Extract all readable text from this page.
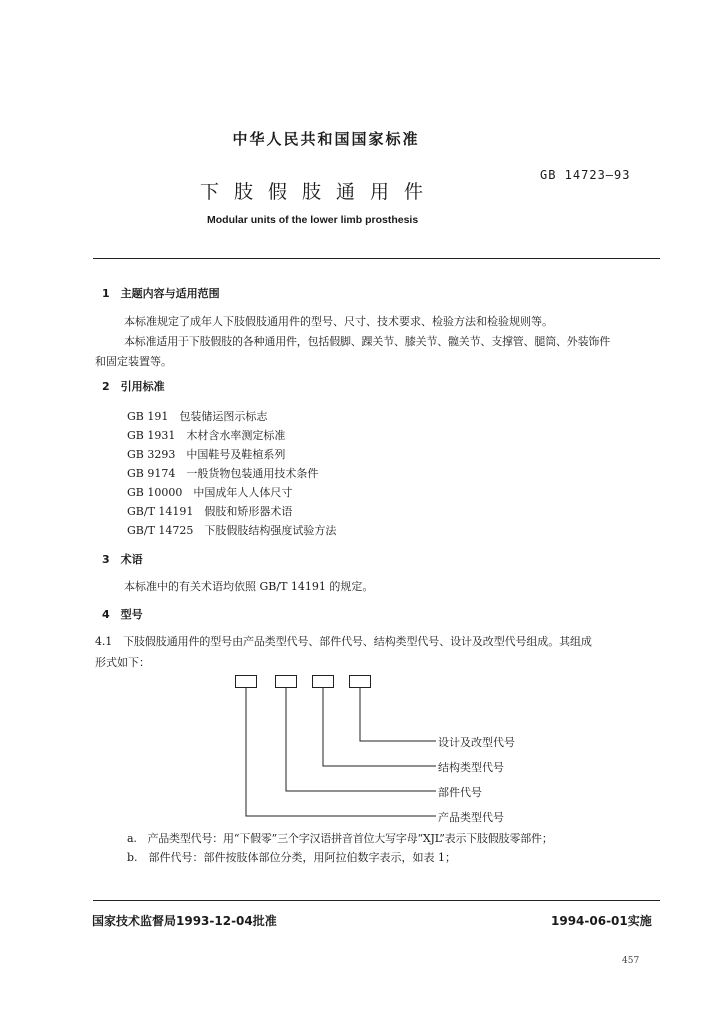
中华人民共和国国家标准
GB 14723—93
下肢假肢通用件
Modular units of the lower limb prosthesis
1　主题内容与适用范围
本标准规定了成年人下肢假肢通用件的型号、尺寸、技术要求、检验方法和检验规则等。
本标准适用于下肢假肢的各种通用件，包括假脚、踝关节、膝关节、髋关节、支撑管、腿筒、外装饰件
和固定装置等。
2　引用标准
GB 191　包装储运图示标志
GB 1931　木材含水率测定标准
GB 3293　中国鞋号及鞋楦系列
GB 9174　一般货物包装通用技术条件
GB 10000　中国成年人人体尺寸
GB/T 14191　假肢和矫形器术语
GB/T 14725　下肢假肢结构强度试验方法
3　术语
本标准中的有关术语均依照 GB/T 14191 的规定。
4　型号
4.1　下肢假肢通用件的型号由产品类型代号、部件代号、结构类型代号、设计及改型代号组成。其组成
形式如下：
设计及改型代号
结构类型代号
部件代号
产品类型代号
a.　产品类型代号：用“下假零”三个字汉语拼音首位大写字母“XJL”表示下肢假肢零部件；
b.　部件代号：部件按肢体部位分类，用阿拉伯数字表示，如表 1；
国家技术监督局1993-12-04批准	1994-06-01实施
457
